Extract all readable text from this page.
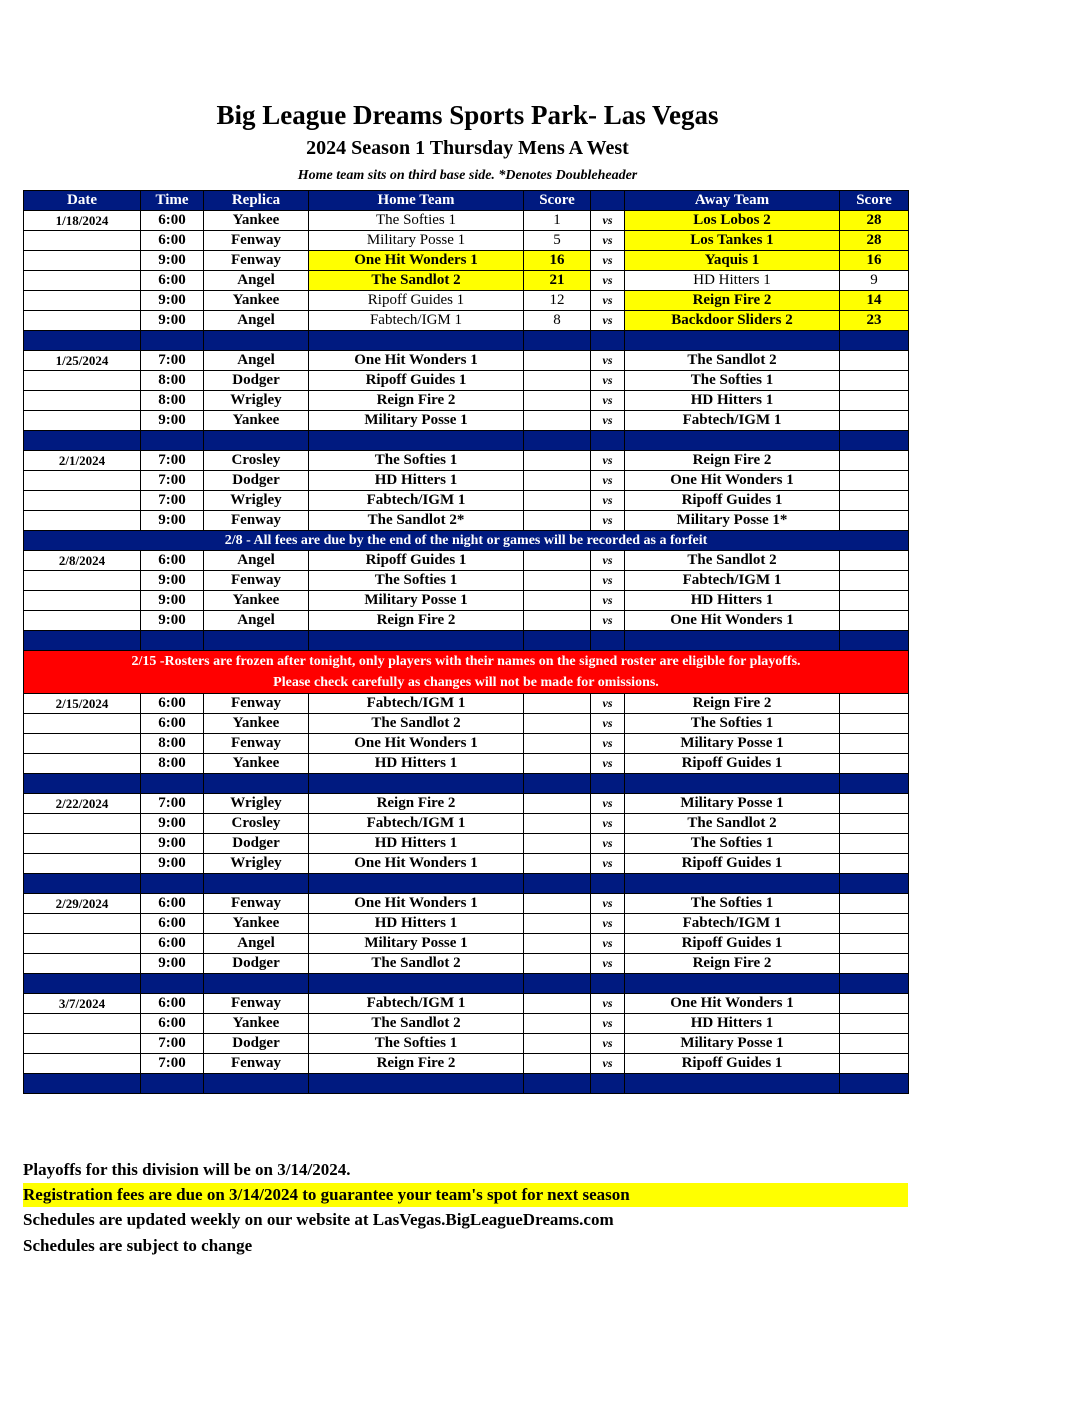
Big League Dreams Sports Park- Las Vegas
2024 Season 1 Thursday Mens A West
Home team sits on third base side. *Denotes Doubleheader
Date	Time	Replica	Home Team	Score		Away Team	Score
1/18/2024	6:00	Yankee	The Softies 1	1	vs	Los Lobos 2	28
	6:00	Fenway	Military Posse 1	5	vs	Los Tankes 1	28
	9:00	Fenway	One Hit Wonders 1	16	vs	Yaquis 1	16
	6:00	Angel	The Sandlot 2	21	vs	HD Hitters 1	9
	9:00	Yankee	Ripoff Guides 1	12	vs	Reign Fire 2	14
	9:00	Angel	Fabtech/IGM 1	8	vs	Backdoor Sliders 2	23

1/25/2024	7:00	Angel	One Hit Wonders 1		vs	The Sandlot 2	
	8:00	Dodger	Ripoff Guides 1		vs	The Softies 1	
	8:00	Wrigley	Reign Fire 2		vs	HD Hitters 1	
	9:00	Yankee	Military Posse 1		vs	Fabtech/IGM 1	

2/1/2024	7:00	Crosley	The Softies 1		vs	Reign Fire 2	
	7:00	Dodger	HD Hitters 1		vs	One Hit Wonders 1	
	7:00	Wrigley	Fabtech/IGM 1		vs	Ripoff Guides 1	
	9:00	Fenway	The Sandlot 2*		vs	Military Posse 1*	
2/8 - All fees are due by the end of the night or games will be recorded as a forfeit							
2/8/2024	6:00	Angel	Ripoff Guides 1		vs	The Sandlot 2	
	9:00	Fenway	The Softies 1		vs	Fabtech/IGM 1	
	9:00	Yankee	Military Posse 1		vs	HD Hitters 1	
	9:00	Angel	Reign Fire 2		vs	One Hit Wonders 1	

2/15 -Rosters are frozen after tonight, only players with their names on the signed roster are eligible for playoffs.
Please check carefully as changes will not be made for omissions.							

2/15/2024	6:00	Fenway	Fabtech/IGM 1		vs	Reign Fire 2	
	6:00	Yankee	The Sandlot 2		vs	The Softies 1	
	8:00	Fenway	One Hit Wonders 1		vs	Military Posse 1	
	8:00	Yankee	HD Hitters 1		vs	Ripoff Guides 1	

2/22/2024	7:00	Wrigley	Reign Fire 2		vs	Military Posse 1	
	9:00	Crosley	Fabtech/IGM 1		vs	The Sandlot 2	
	9:00	Dodger	HD Hitters 1		vs	The Softies 1	
	9:00	Wrigley	One Hit Wonders 1		vs	Ripoff Guides 1	

2/29/2024	6:00	Fenway	One Hit Wonders 1		vs	The Softies 1	
	6:00	Yankee	HD Hitters 1		vs	Fabtech/IGM 1	
	6:00	Angel	Military Posse 1		vs	Ripoff Guides 1	
	9:00	Dodger	The Sandlot 2		vs	Reign Fire 2	

3/7/2024	6:00	Fenway	Fabtech/IGM 1		vs	One Hit Wonders 1	
	6:00	Yankee	The Sandlot 2		vs	HD Hitters 1	
	7:00	Dodger	The Softies 1		vs	Military Posse 1	
	7:00	Fenway	Reign Fire 2		vs	Ripoff Guides 1	

Playoffs for this division will be on 3/14/2024.
Registration fees are due on 3/14/2024 to guarantee your team's spot for next season
Schedules are updated weekly on our website at LasVegas.BigLeagueDreams.com
Schedules are subject to change
